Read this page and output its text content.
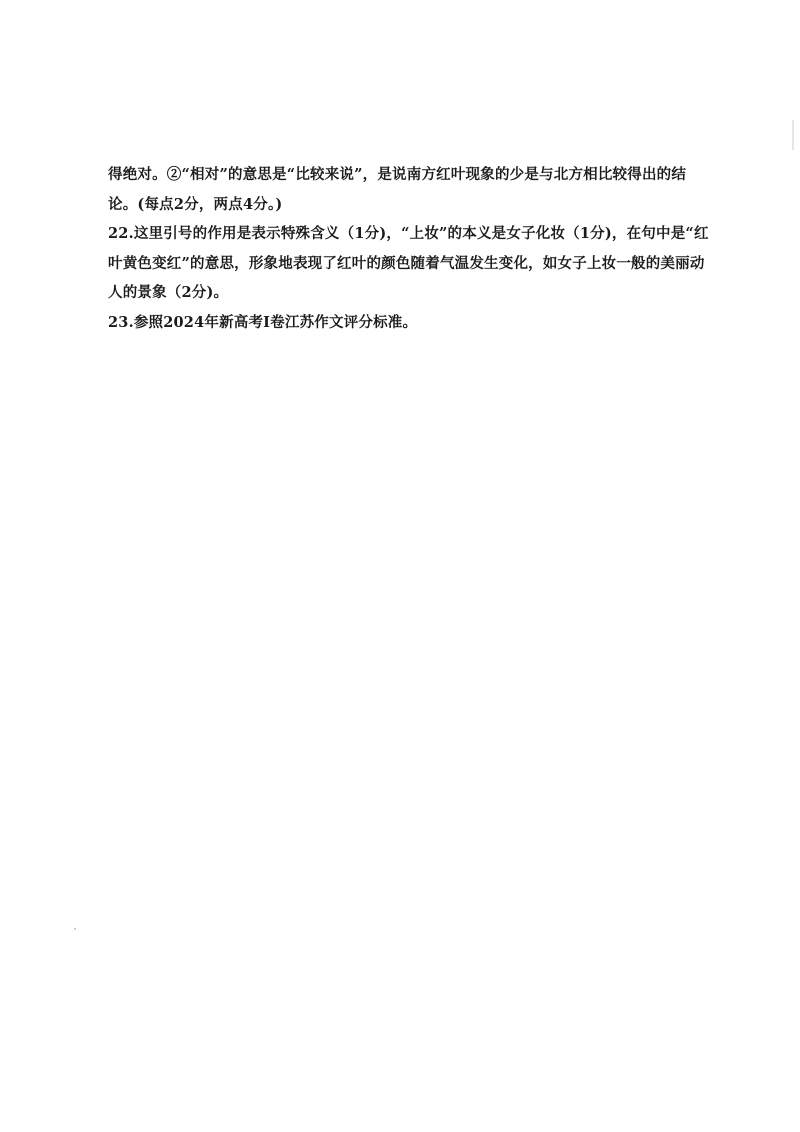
得绝对。②“相对”的意思是“比较来说”，是说南方红叶现象的少是与北方相比较得出的结
论。(每点2分，两点4分。)
22.这里引号的作用是表示特殊含义（1分)，“上妆”的本义是女子化妆（1分)，在句中是“红
叶黄色变红”的意思，形象地表现了红叶的颜色随着气温发生变化，如女子上妆一般的美丽动
人的景象（2分)。
23.参照2024年新高考Ⅰ卷江苏作文评分标准。
